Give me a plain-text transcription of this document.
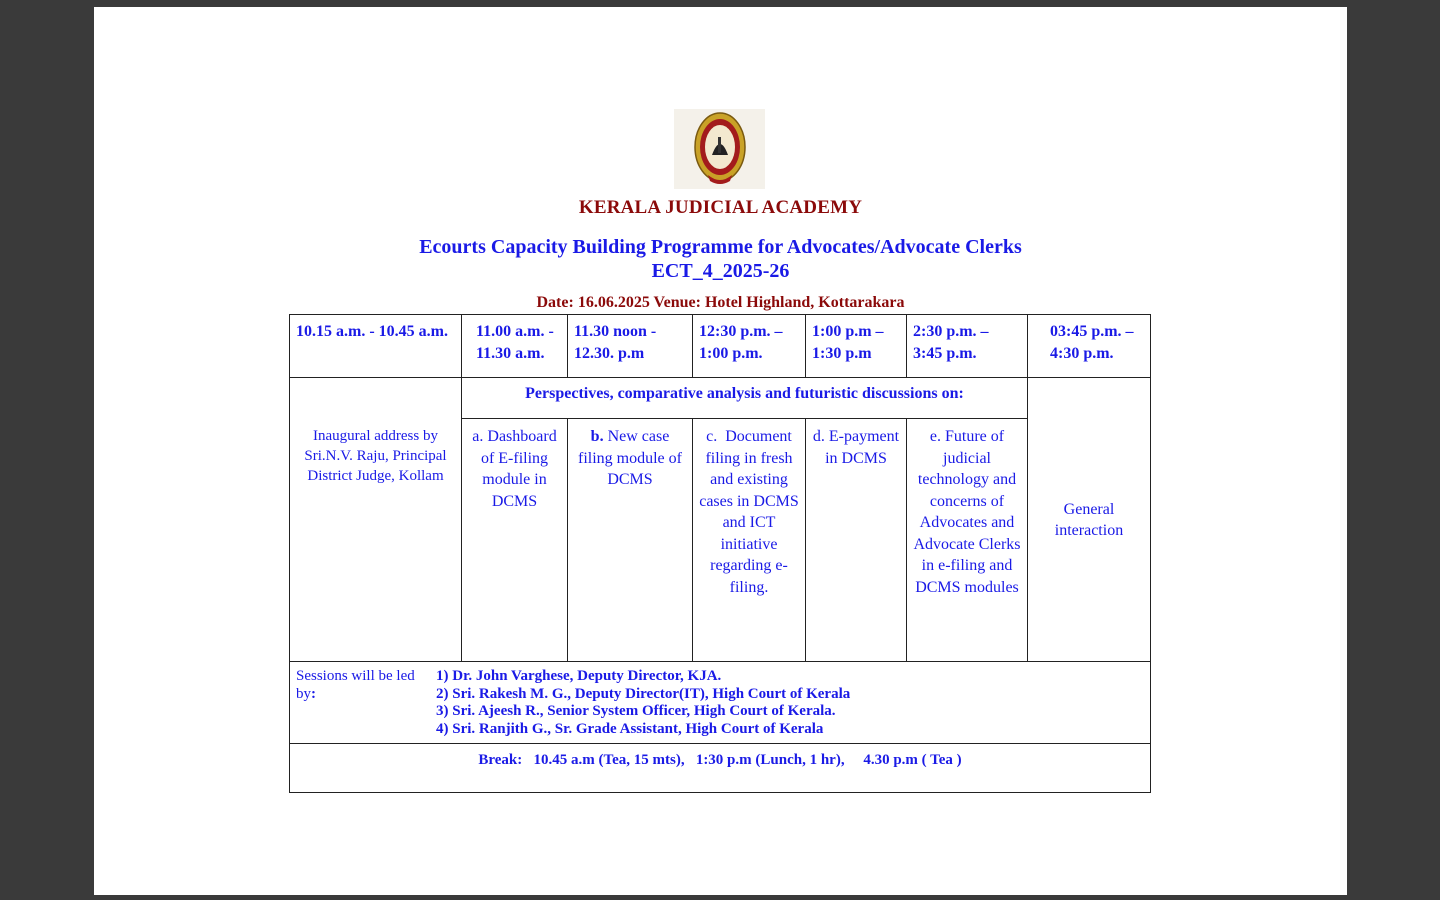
KERALA JUDICIAL ACADEMY
Ecourts Capacity Building Programme for Advocates/Advocate Clerks
ECT_4_2025-26
Date: 16.06.2025 Venue: Hotel Highland, Kottarakara
10.15 a.m. - 10.45 a.m.	11.00 a.m. - 11.30 a.m.	11.30 noon - 12.30. p.m	12:30 p.m. – 1:00 p.m.	1:00 p.m – 1:30 p.m	2:30 p.m. – 3:45 p.m.	03:45 p.m. – 4:30 p.m.

Inaugural address by Sri.N.V. Raju, Principal District Judge, Kollam	Perspectives, comparative analysis and futuristic discussions on:					General interaction

	a. Dashboard of E-filing module in DCMS	b. New case filing module of DCMS	c. Document filing in fresh and existing cases in DCMS and ICT initiative regarding e-filing.	d. E-payment in DCMS	e. Future of judicial technology and concerns of Advocates and Advocate Clerks in e-filing and DCMS modules	

Sessions will be led by:
1) Dr. John Varghese, Deputy Director, KJA.
2) Sri. Rakesh M. G., Deputy Director(IT), High Court of Kerala
3) Sri. Ajeesh R., Senior System Officer, High Court of Kerala.
4) Sri. Ranjith G., Sr. Grade Assistant, High Court of Kerala						

Break:   10.45 a.m (Tea, 15 mts),   1:30 p.m (Lunch, 1 hr),     4.30 p.m ( Tea )						
